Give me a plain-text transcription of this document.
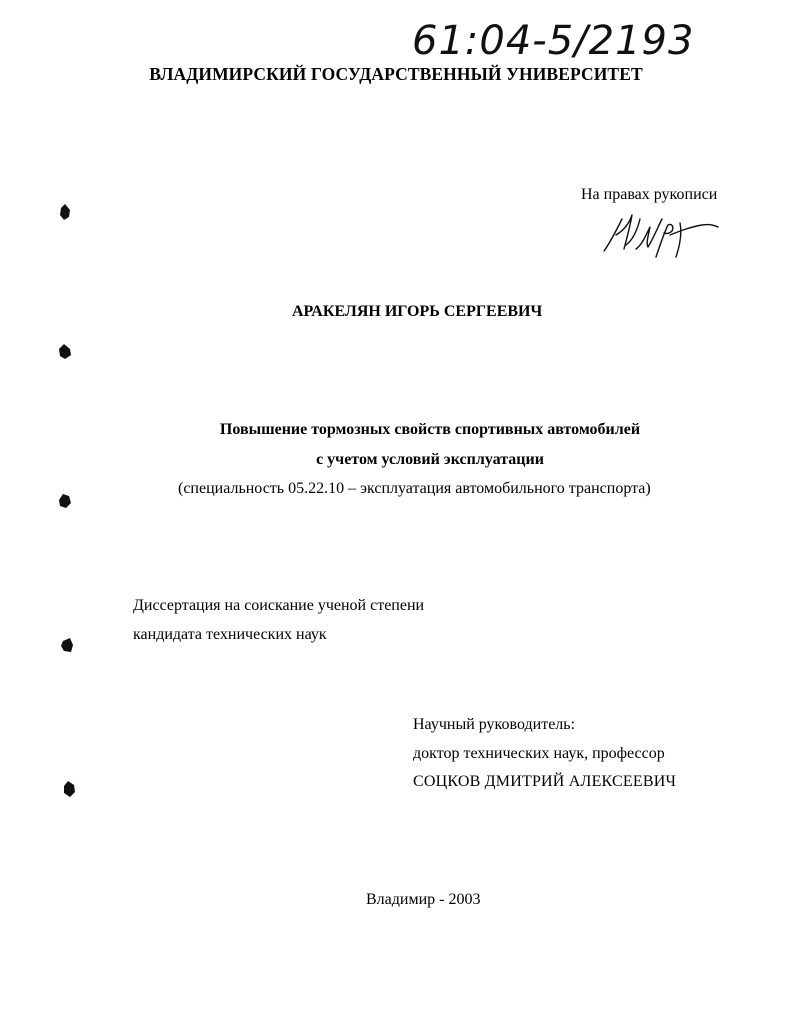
61:04-5/2193
ВЛАДИМИРСКИЙ ГОСУДАРСТВЕННЫЙ УНИВЕРСИТЕТ
На правах рукописи
АРАКЕЛЯН ИГОРЬ СЕРГЕЕВИЧ
Повышение тормозных свойств спортивных автомобилей
с учетом условий эксплуатации
(специальность 05.22.10 – эксплуатация автомобильного транспорта)
Диссертация на соискание ученой степени
кандидата технических наук
Научный руководитель:
доктор технических наук, профессор
СОЦКОВ ДМИТРИЙ АЛЕКСЕЕВИЧ
Владимир - 2003
